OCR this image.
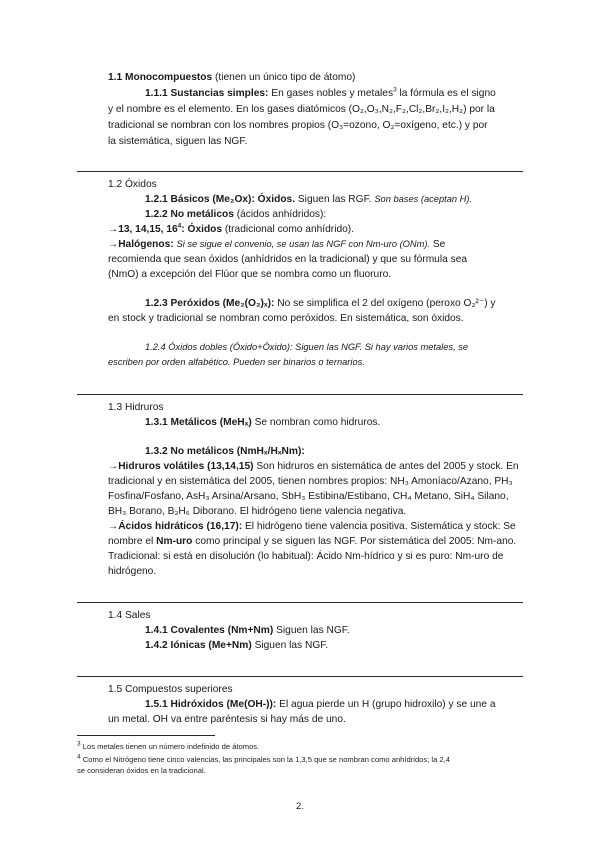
1.1 Monocompuestos (tienen un único tipo de átomo)
1.1.1 Sustancias simples: En gases nobles y metales$^3$ la fórmula es el signo
y el nombre es el elemento. En los gases diatómicos (O₂,O₃,N₂,F₂,Cl₂,Br₂,I₂,H₂) por la
tradicional se nombran con los nombres propios (O₃=ozono, O₂=oxígeno, etc.) y por
la sistemática, siguen las NGF.
1.2 Óxidos
1.2.1 Básicos (Me₂Ox): Óxidos. Siguen las RGF. Son bases (aceptan H).
1.2.2 No metálicos (ácidos anhídridos):
→13, 14,15, $16^4$: Óxidos (tradicional como anhídrido).
→Halógenos: Si se sigue el convenio, se usan las NGF con Nm-uro (ONm). Se
recomienda que sean óxidos (anhídridos en la tradicional) y que su fórmula sea
(NmO) a excepción del Flúor que se nombra como un fluoruro.
1.2.3 Peróxidos (Me₂(O₂)ₓ): No se simplifica el 2 del oxígeno (peroxo O₂²⁻) y
en stock y tradicional se nombran como peróxidos. En sistemática, son óxidos.
1.2.4 Óxidos dobles (Óxido+Óxido): Siguen las NGF. Si hay varios metales, se
escriben por orden alfabético. Pueden ser binarios o ternarios.
1.3 Hidruros
1.3.1 Metálicos (MeHₓ) Se nombran como hidruros.
1.3.2 No metálicos (NmHₓ/HₓNm):
→Hidruros volátiles (13,14,15) Son hidruros en sistemática de antes del 2005 y stock. En
tradicional y en sistemática del 2005, tienen nombres propios: NH₃ Amoníaco/Azano, PH₃
Fosfina/Fosfano, AsH₃ Arsina/Arsano, SbH₃ Estibina/Estibano, CH₄ Metano, SiH₄ Silano,
BH₃ Borano, B₂H₆ Diborano. El hidrógeno tiene valencia negativa.
→Ácidos hidráticos (16,17): El hidrógeno tiene valencia positiva. Sistemática y stock: Se
nombre el Nm-uro como principal y se siguen las NGF. Por sistemática del 2005: Nm-ano.
Tradicional: si está en disolución (lo habitual): Ácido Nm-hídrico y si es puro: Nm-uro de
hidrógeno.
1.4 Sales
1.4.1 Covalentes (Nm+Nm) Siguen las NGF.
1.4.2 Iónicas (Me+Nm) Siguen las NGF.
1.5 Compuestos superiores
1.5.1 Hidróxidos (Me(OH-)): El agua pierde un H (grupo hidroxilo) y se une a
un metal. OH va entre paréntesis si hay más de uno.
$^3$ Los metales tienen un número indefinido de átomos.
$^4$ Como el Nitrógeno tiene cinco valencias, las principales son la 1,3,5 que se nombran como anhídridos; la 2,4
se consideran óxidos en la tradicional.
2.
